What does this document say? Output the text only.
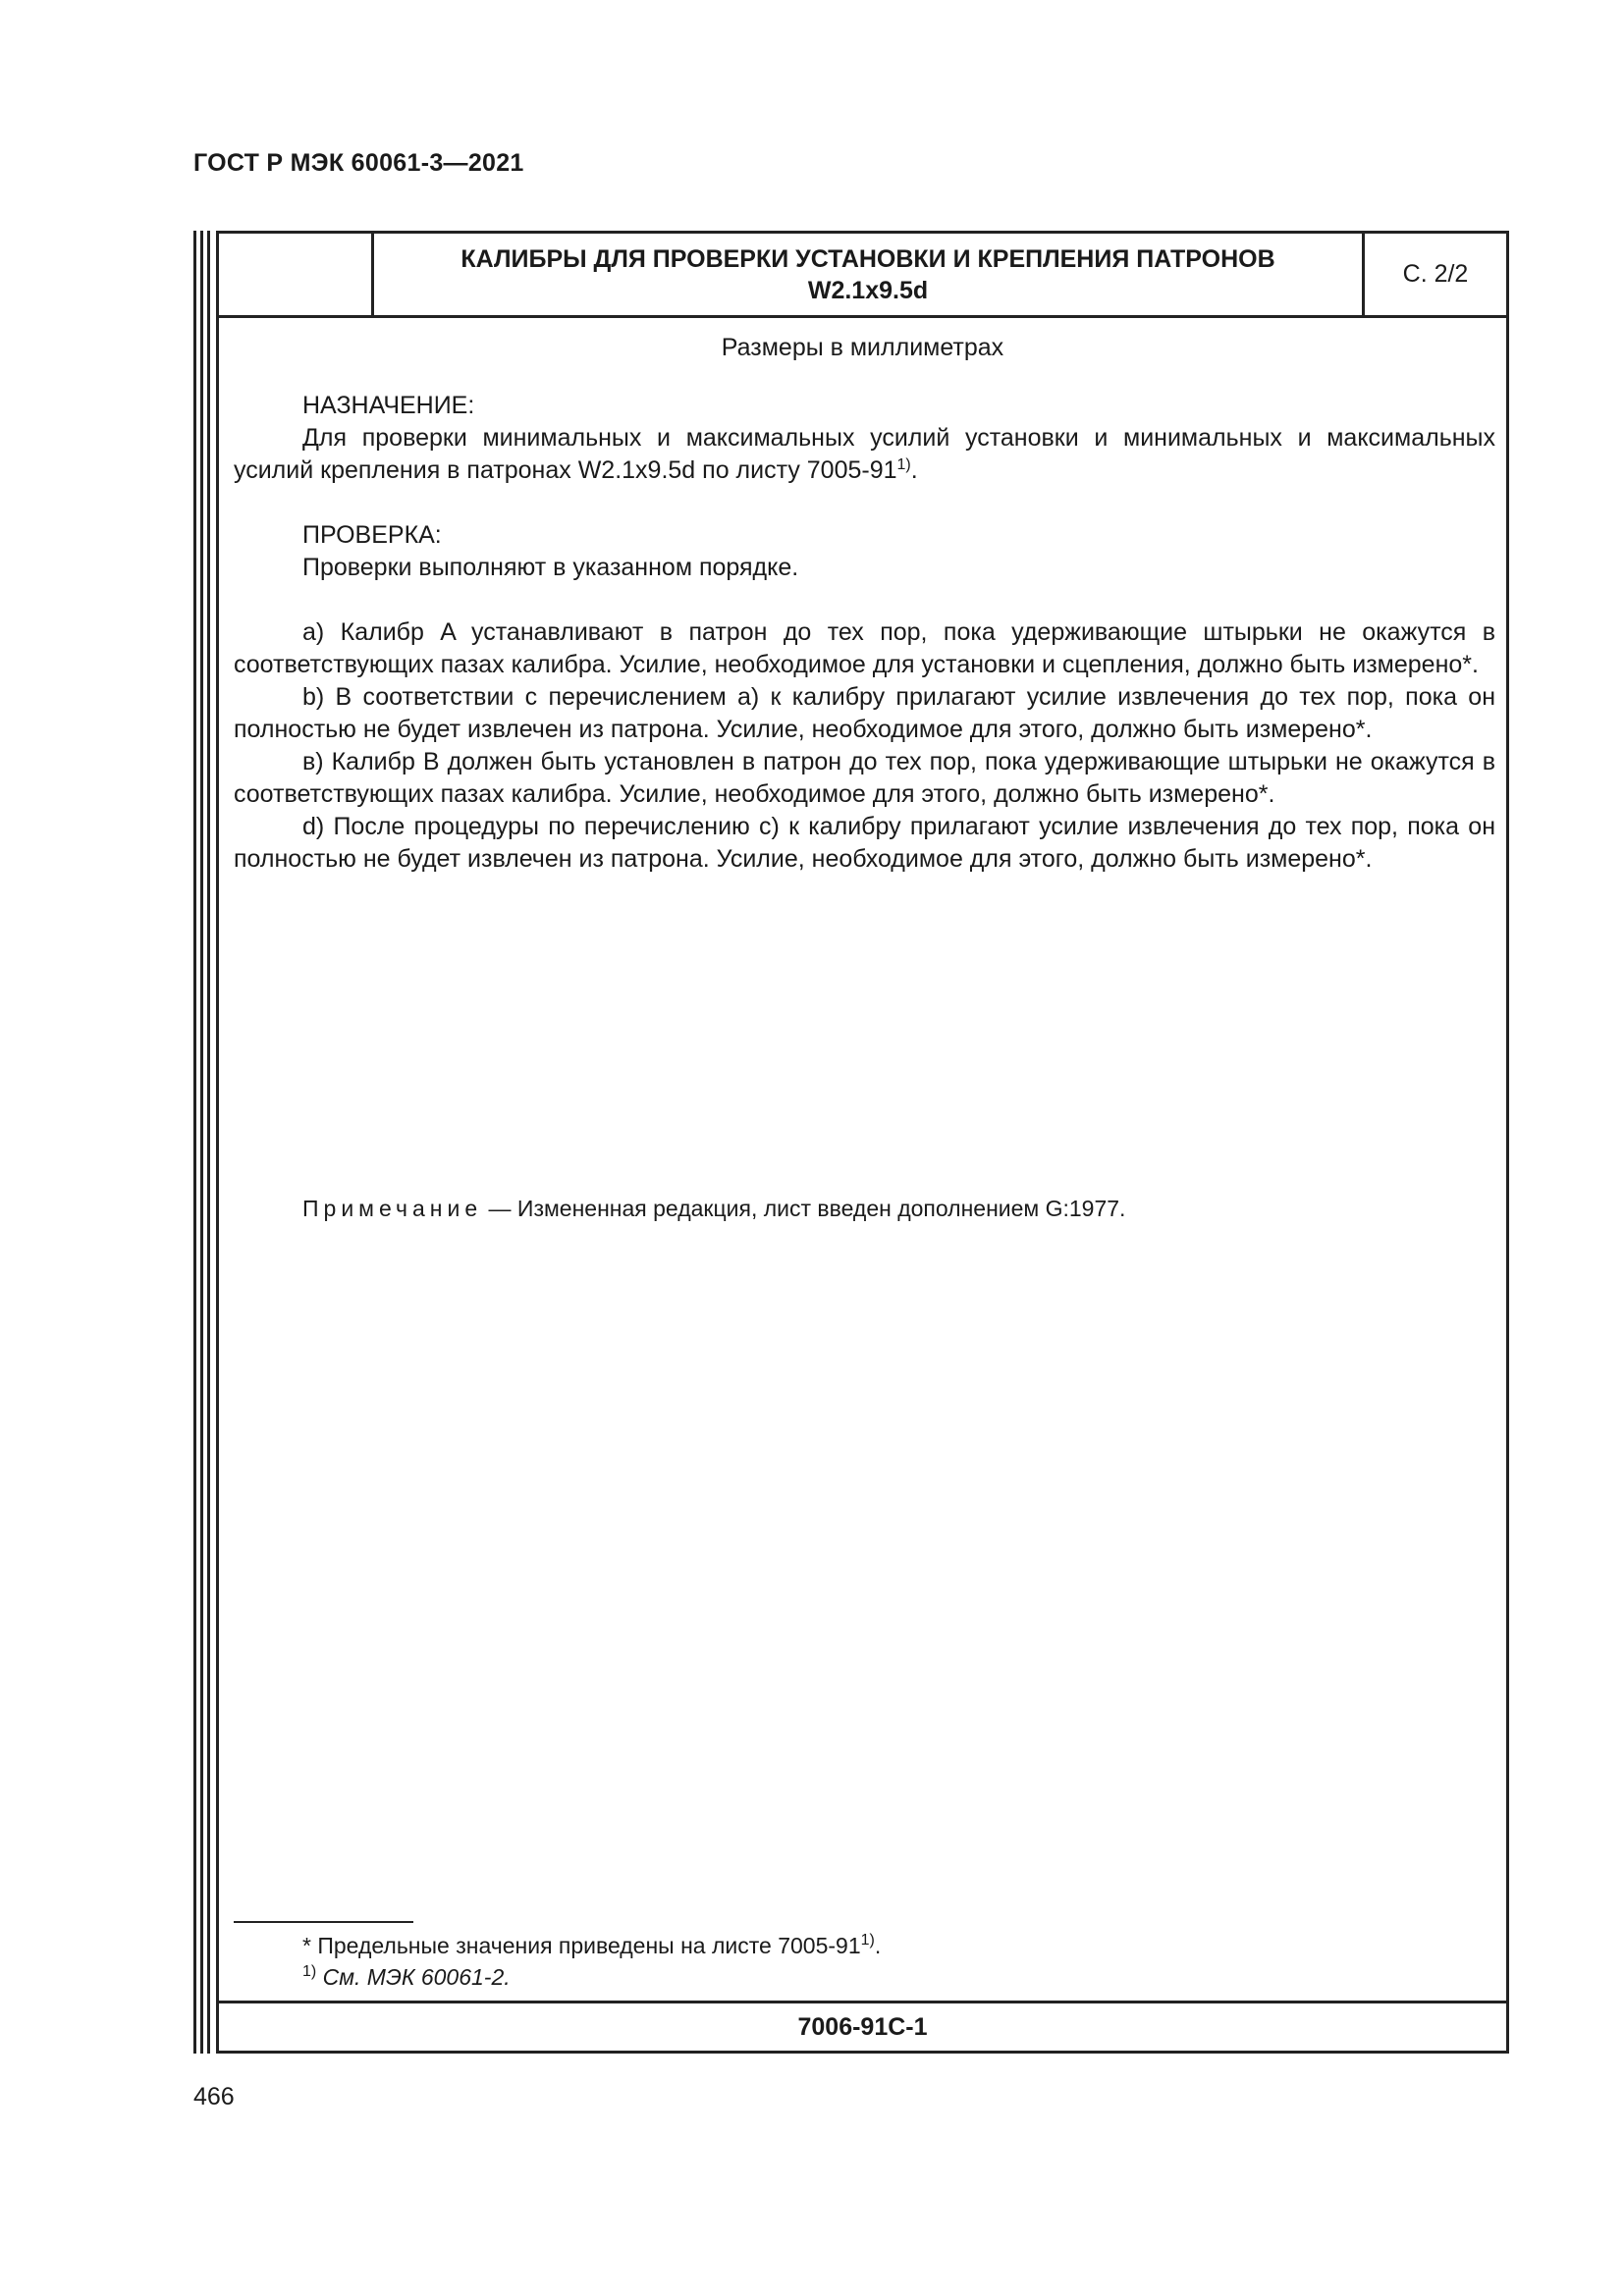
ГОСТ Р МЭК 60061-3—2021
КАЛИБРЫ ДЛЯ ПРОВЕРКИ УСТАНОВКИ И КРЕПЛЕНИЯ ПАТРОНОВ
W2.1x9.5d
С. 2/2
Размеры в миллиметрах

НАЗНАЧЕНИЕ:

Для проверки минимальных и максимальных усилий установки и минимальных и максимальных усилий крепления в патронах W2.1x9.5d по листу 7005-91$^{1)}$.

ПРОВЕРКА:

Проверки выполняют в указанном порядке.

а) Калибр A устанавливают в патрон до тех пор, пока удерживающие штырьки не окажутся в соответствующих пазах калибра. Усилие, необходимое для установки и сцепления, должно быть измерено*.

b) В соответствии с перечислением а) к калибру прилагают усилие извлечения до тех пор, пока он полностью не будет извлечен из патрона. Усилие, необходимое для этого, должно быть измерено*.

в) Калибр В должен быть установлен в патрон до тех пор, пока удерживающие штырьки не окажутся в соответствующих пазах калибра. Усилие, необходимое для этого, должно быть измерено*.

d) После процедуры по перечислению с) к калибру прилагают усилие извлечения до тех пор, пока он полностью не будет извлечен из патрона. Усилие, необходимое для этого, должно быть измерено*.

Примечание — Измененная редакция, лист введен дополнением G:1977.
* Предельные значения приведены на листе 7005-91$^{1)}$.
$^{1)}$ См. МЭК 60061-2.
7006-91C-1
466
